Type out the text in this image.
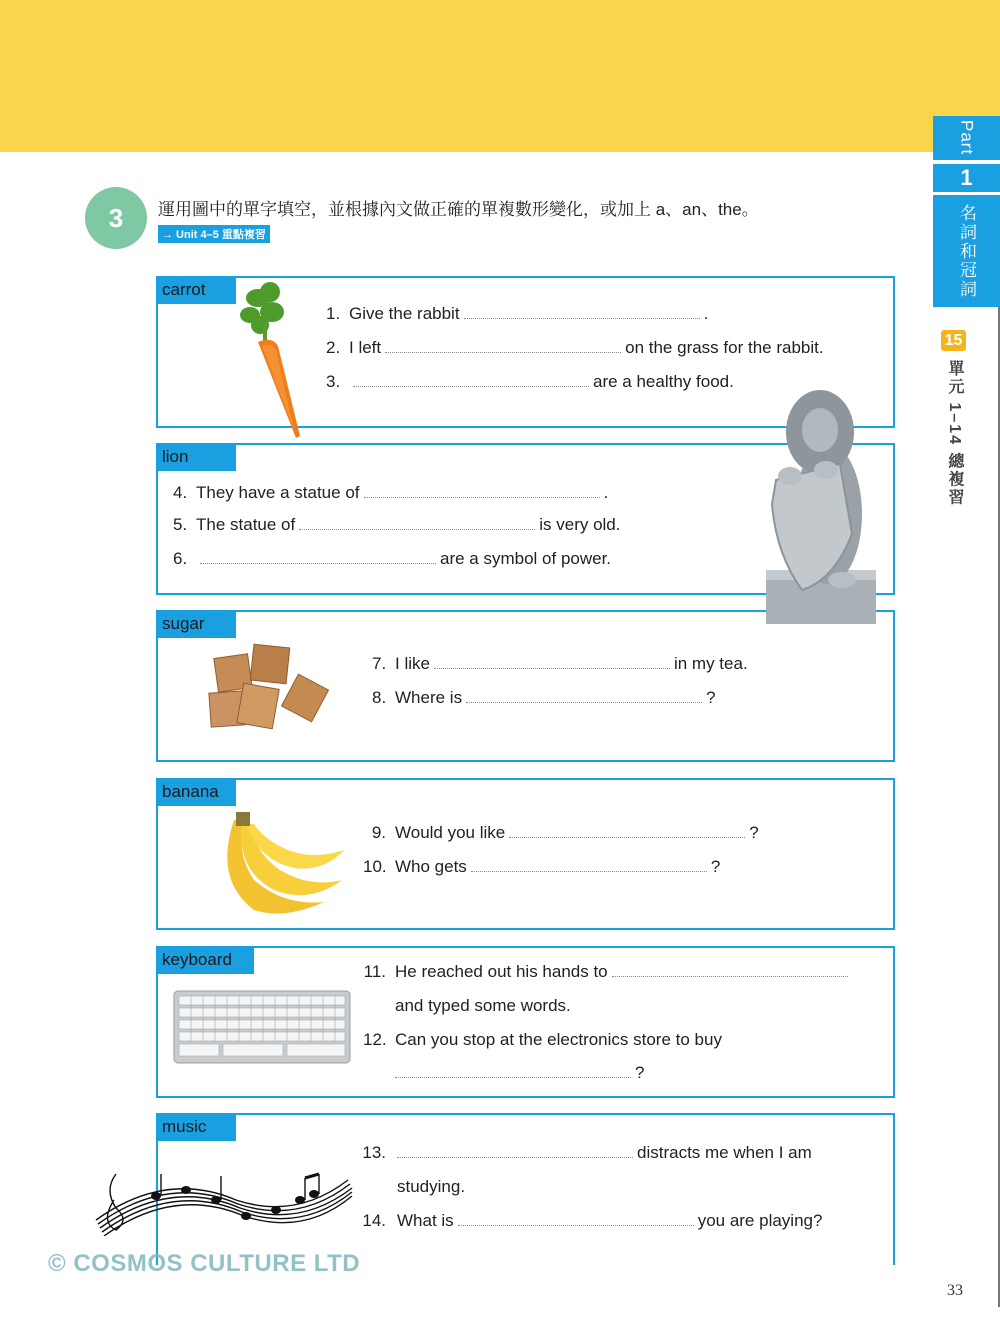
Part
1
名詞和冠詞
15
單元 1–14 總複習
3	運用圖中的單字填空，並根據內文做正確的單複數形變化，或加上 a、an、the。
→ Unit 4–5 重點複習
carrot
1. Give the rabbit	.
2. I left	on the grass for the rabbit.
3.	are a healthy food.
lion
4. They have a statue of	.
5. The statue of	is very old.
6.	are a symbol of power.
sugar
7. I like	in my tea.
8. Where is	?
banana
9. Would you like	?
10. Who gets	?
keyboard
11. He reached out his hands to
and typed some words.
12. Can you stop at the electronics store to buy
?
music
13.	distracts me when I am
studying.
14. What is	you are playing?
© COSMOS CULTURE LTD
33
